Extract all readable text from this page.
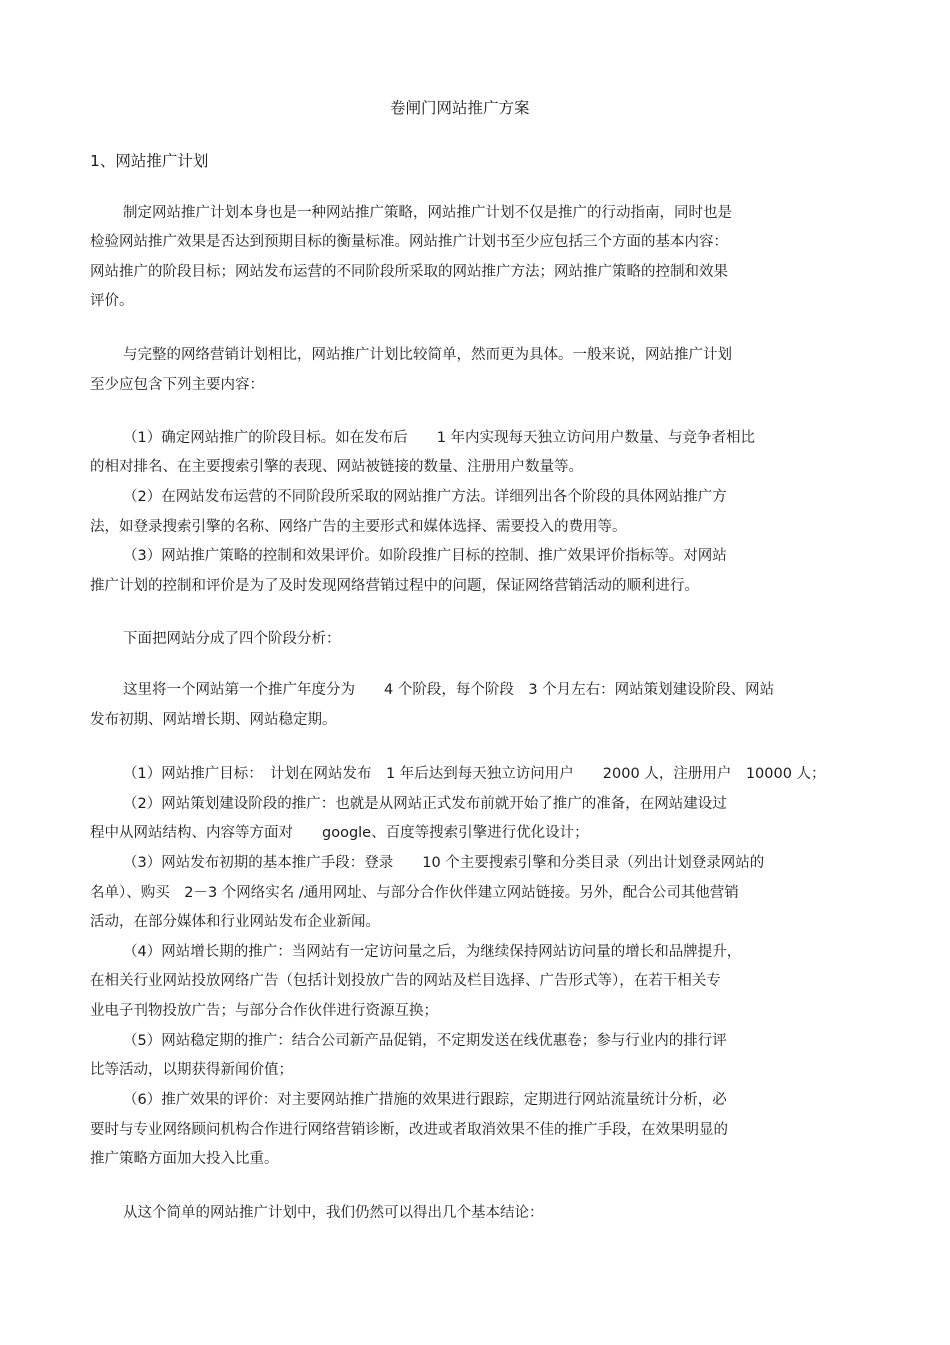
卷闸门网站推广方案
1、网站推广计划
制定网站推广计划本身也是一种网站推广策略，网站推广计划不仅是推广的行动指南，同时也是
检验网站推广效果是否达到预期目标的衡量标准。网站推广计划书至少应包括三个方面的基本内容：
网站推广的阶段目标；网站发布运营的不同阶段所采取的网站推广方法；网站推广策略的控制和效果
评价。
与完整的网络营销计划相比，网站推广计划比较简单，然而更为具体。一般来说，网站推广计划
至少应包含下列主要内容：
（1）确定网站推广的阶段目标。如在发布后　　1 年内实现每天独立访问用户数量、与竞争者相比
的相对排名、在主要搜索引擎的表现、网站被链接的数量、注册用户数量等。
（2）在网站发布运营的不同阶段所采取的网站推广方法。详细列出各个阶段的具体网站推广方
法，如登录搜索引擎的名称、网络广告的主要形式和媒体选择、需要投入的费用等。
（3）网站推广策略的控制和效果评价。如阶段推广目标的控制、推广效果评价指标等。对网站
推广计划的控制和评价是为了及时发现网络营销过程中的问题，保证网络营销活动的顺利进行。
下面把网站分成了四个阶段分析：
这里将一个网站第一个推广年度分为　　4 个阶段，每个阶段　3 个月左右：网站策划建设阶段、网站
发布初期、网站增长期、网站稳定期。
（1）网站推广目标：　计划在网站发布　1 年后达到每天独立访问用户　　2000 人，注册用户　10000 人；
（2）网站策划建设阶段的推广：也就是从网站正式发布前就开始了推广的准备，在网站建设过
程中从网站结构、内容等方面对　　google、百度等搜索引擎进行优化设计；
（3）网站发布初期的基本推广手段：登录　　10 个主要搜索引擎和分类目录（列出计划登录网站的
名单）、购买　2－3 个网络实名 /通用网址、与部分合作伙伴建立网站链接。另外，配合公司其他营销
活动，在部分媒体和行业网站发布企业新闻。
（4）网站增长期的推广：当网站有一定访问量之后，为继续保持网站访问量的增长和品牌提升，
在相关行业网站投放网络广告（包括计划投放广告的网站及栏目选择、广告形式等），在若干相关专
业电子刊物投放广告；与部分合作伙伴进行资源互换；
（5）网站稳定期的推广：结合公司新产品促销，不定期发送在线优惠卷；参与行业内的排行评
比等活动，以期获得新闻价值；
（6）推广效果的评价：对主要网站推广措施的效果进行跟踪，定期进行网站流量统计分析，必
要时与专业网络顾问机构合作进行网络营销诊断，改进或者取消效果不佳的推广手段，在效果明显的
推广策略方面加大投入比重。
从这个简单的网站推广计划中，我们仍然可以得出几个基本结论：
